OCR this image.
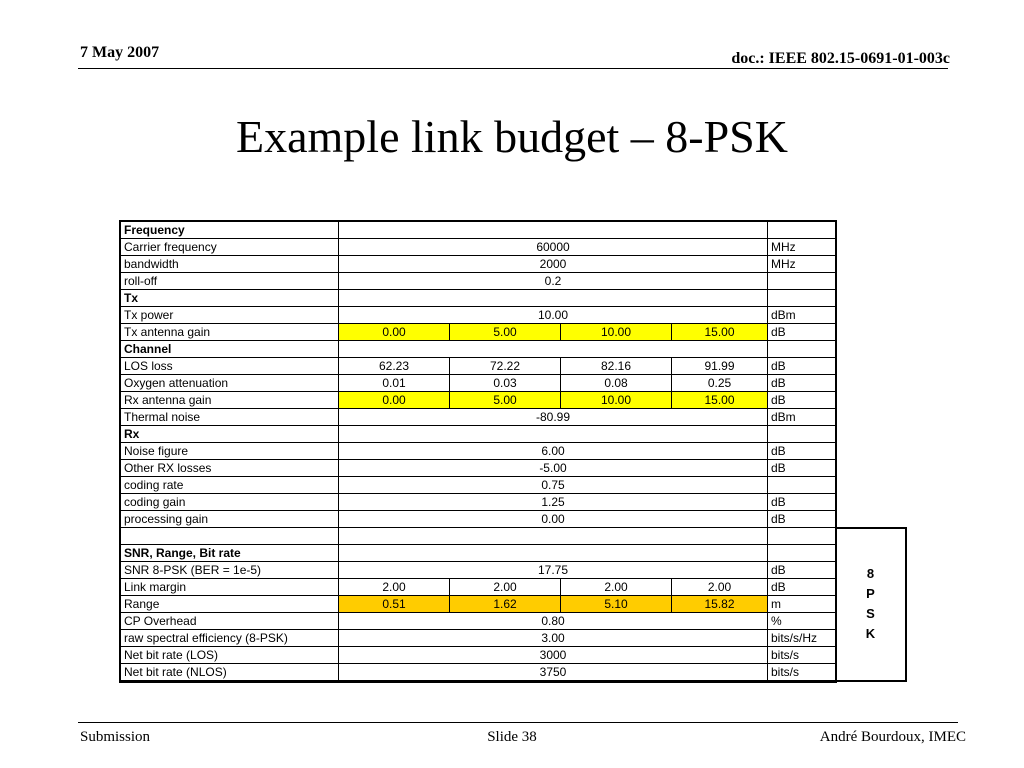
7 May 2007	doc.: IEEE 802.15-0691-01-003c
Example link budget – 8-PSK
Frequency						
Carrier frequency	60000				MHz	
bandwidth	2000				MHz	
roll-off	0.2					
Tx						
Tx power	10.00				dBm	
Tx antenna gain	0.00	5.00	10.00	15.00	dB	
Channel						
LOS loss	62.23	72.22	82.16	91.99	dB	
Oxygen attenuation	0.01	0.03	0.08	0.25	dB	
Rx antenna gain	0.00	5.00	10.00	15.00	dB	
Thermal noise	-80.99				dBm	
Rx						
Noise figure	6.00				dB	
Other RX losses	-5.00				dB	
coding rate	0.75					
coding gain	1.25				dB	
processing gain	0.00				dB	

						8
P
S
K

SNR, Range, Bit rate						
SNR 8-PSK (BER = 1e-5)	17.75				dB	
Link margin	2.00	2.00	2.00	2.00	dB	
Range	0.51	1.62	5.10	15.82	m	
CP Overhead	0.80				%	
raw spectral efficiency (8-PSK)	3.00				bits/s/Hz	
Net bit rate (LOS)	3000				bits/s	
Net bit rate (NLOS)	3750				bits/s	
Submission	Slide 38	André Bourdoux, IMEC
